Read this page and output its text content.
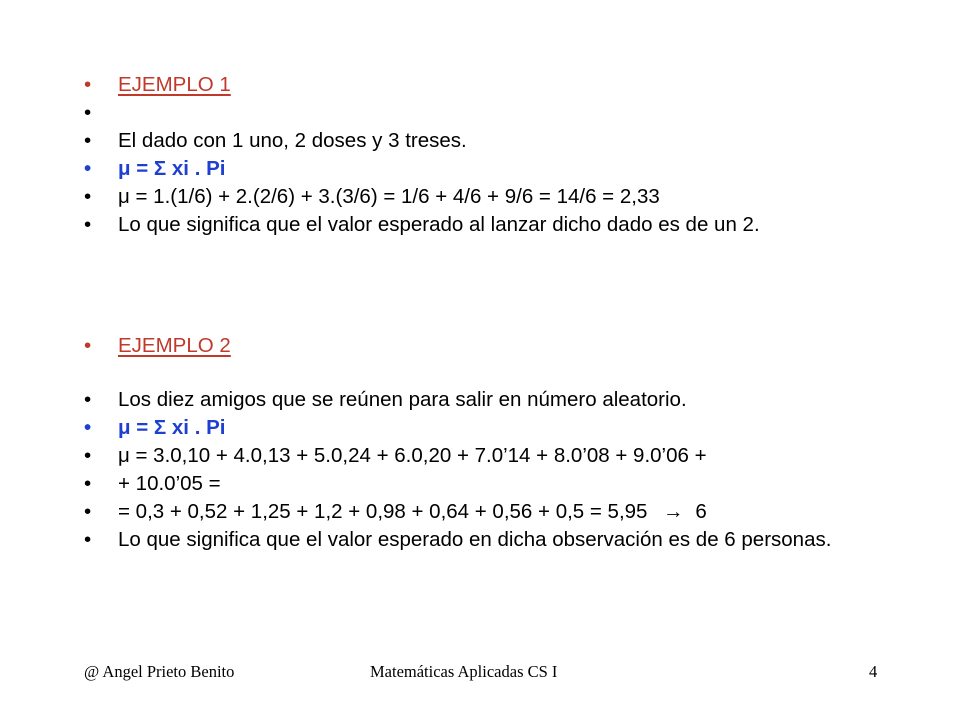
• EJEMPLO 1
•
• El dado con 1 uno, 2 doses y 3 treses.
• μ = Σ xi . Pi
• μ = 1.(1/6) + 2.(2/6) + 3.(3/6) = 1/6 + 4/6 + 9/6 = 14/6 = 2,33
• Lo que significa que el valor esperado al lanzar dicho dado es de un 2.
• EJEMPLO 2
• Los diez amigos que se reúnen para salir en número aleatorio.
• μ = Σ xi . Pi
• μ = 3.0,10 + 4.0,13 + 5.0,24 + 6.0,20 + 7.0’14 + 8.0’08 + 9.0’06 +
• + 10.0’05 =
• = 0,3 + 0,52 + 1,25 + 1,2 + 0,98 + 0,64 + 0,56 + 0,5 = 5,95 → 6
• Lo que significa que el valor esperado en dicha observación es de 6 personas.
@ Angel Prieto Benito	Matemáticas Aplicadas CS I	4
